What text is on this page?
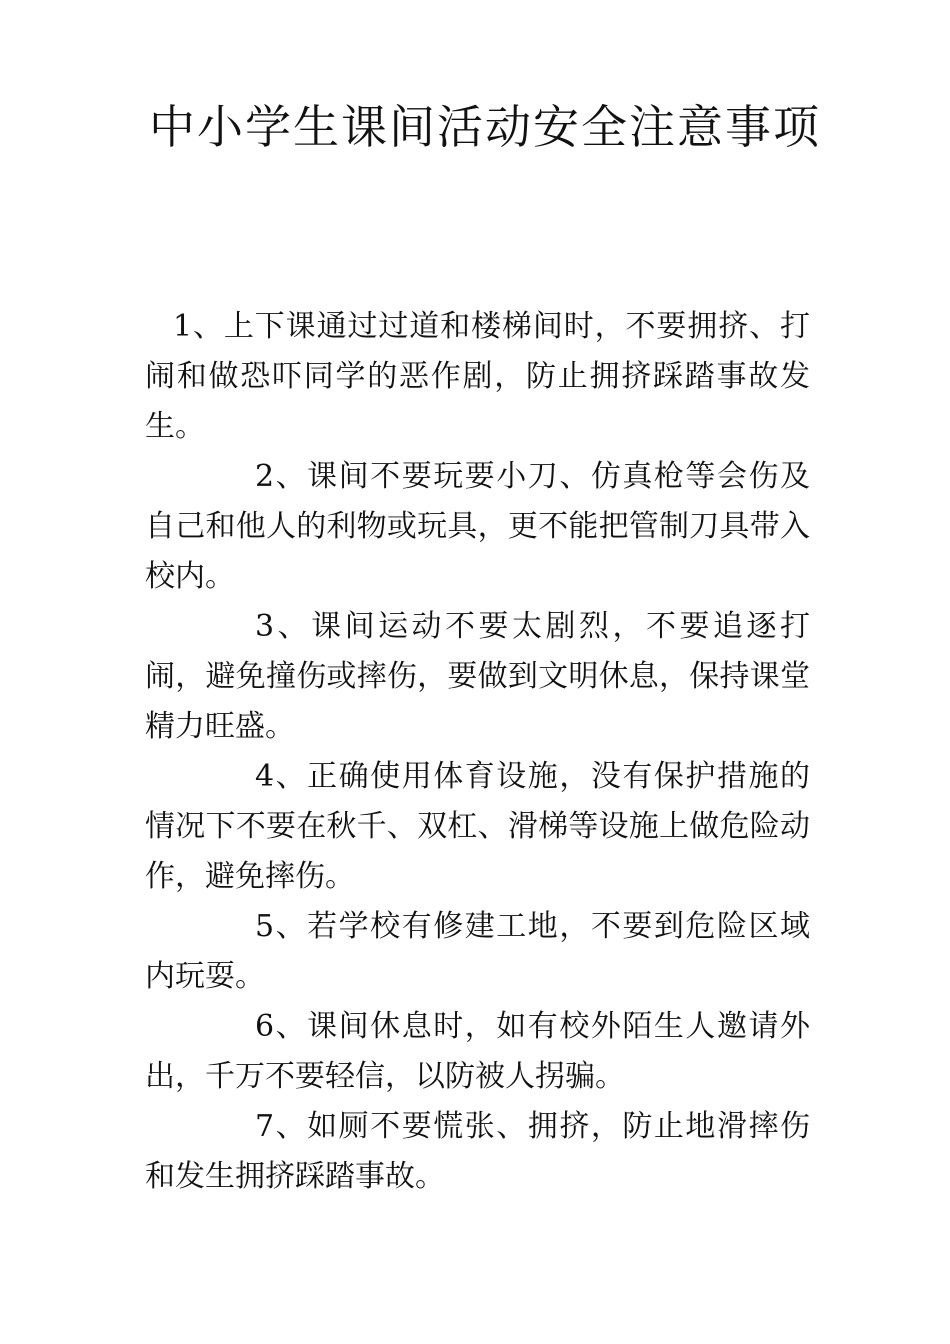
中小学生课间活动安全注意事项

1、上下课通过过道和楼梯间时，不要拥挤、打闹和做恐吓同学的恶作剧，防止拥挤踩踏事故发生。

2、课间不要玩要小刀、仿真枪等会伤及自己和他人的利物或玩具，更不能把管制刀具带入校内。

3、课间运动不要太剧烈，不要追逐打闹，避免撞伤或摔伤，要做到文明休息，保持课堂精力旺盛。

4、正确使用体育设施，没有保护措施的情况下不要在秋千、双杠、滑梯等设施上做危险动作，避免摔伤。

5、若学校有修建工地，不要到危险区域内玩耍。

6、课间休息时，如有校外陌生人邀请外出，千万不要轻信，以防被人拐骗。

7、如厕不要慌张、拥挤，防止地滑摔伤和发生拥挤踩踏事故。
